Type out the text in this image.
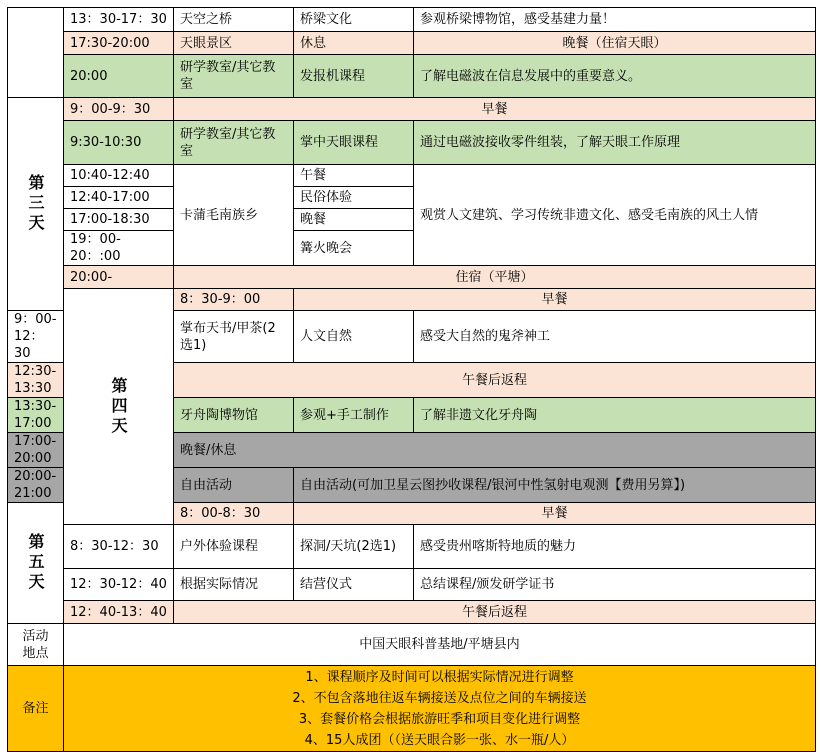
	13：30-17：30	天空之桥	桥梁文化	参观桥梁博物馆，感受基建力量！
	17:30-20:00	天眼景区	休息	晚餐（住宿天眼）
	20:00	研学教室/其它教室	发报机课程	了解电磁波在信息发展中的重要意义。
第三天	9：00-9：30	早餐		
	9:30-10:30	研学教室/其它教室	掌中天眼课程	通过电磁波接收零件组装，了解天眼工作原理
	10:40-12:40	卡蒲毛南族乡	午餐	观赏人文建筑、学习传统非遗文化、感受毛南族的风土人情
	12:40-17:00		民俗体验	
	17:00-18:30		晚餐	
	19：00-20：:00		篝火晚会	
	20:00-	住宿（平塘）		
	第四天	8：30-9：00	早餐	
9：00-12：30		掌布天书/甲茶(2选1)	人文自然	感受大自然的鬼斧神工
12:30-13:30		午餐后返程		
13:30-17:00		牙舟陶博物馆	参观+手工制作	了解非遗文化牙舟陶
17:00-20:00		晚餐/休息		
20:00-21:00		自由活动	自由活动(可加卫星云图抄收课程/银河中性氢射电观测【费用另算】)	
第五天		8：00-8：30	早餐	
	8：30-12：30	户外体验课程	探洞/天坑(2选1)	感受贵州喀斯特地质的魅力
	12：30-12：40	根据实际情况	结营仪式	总结课程/颁发研学证书
	12：40-13：40	午餐后返程		
活动地点	中国天眼科普基地/平塘县内			
备注	1、课程顺序及时间可以根据实际情况进行调整
2、不包含落地往返车辆接送及点位之间的车辆接送
3、套餐价格会根据旅游旺季和项目变化进行调整
4、15人成团（（送天眼合影一张、水一瓶/人）			
